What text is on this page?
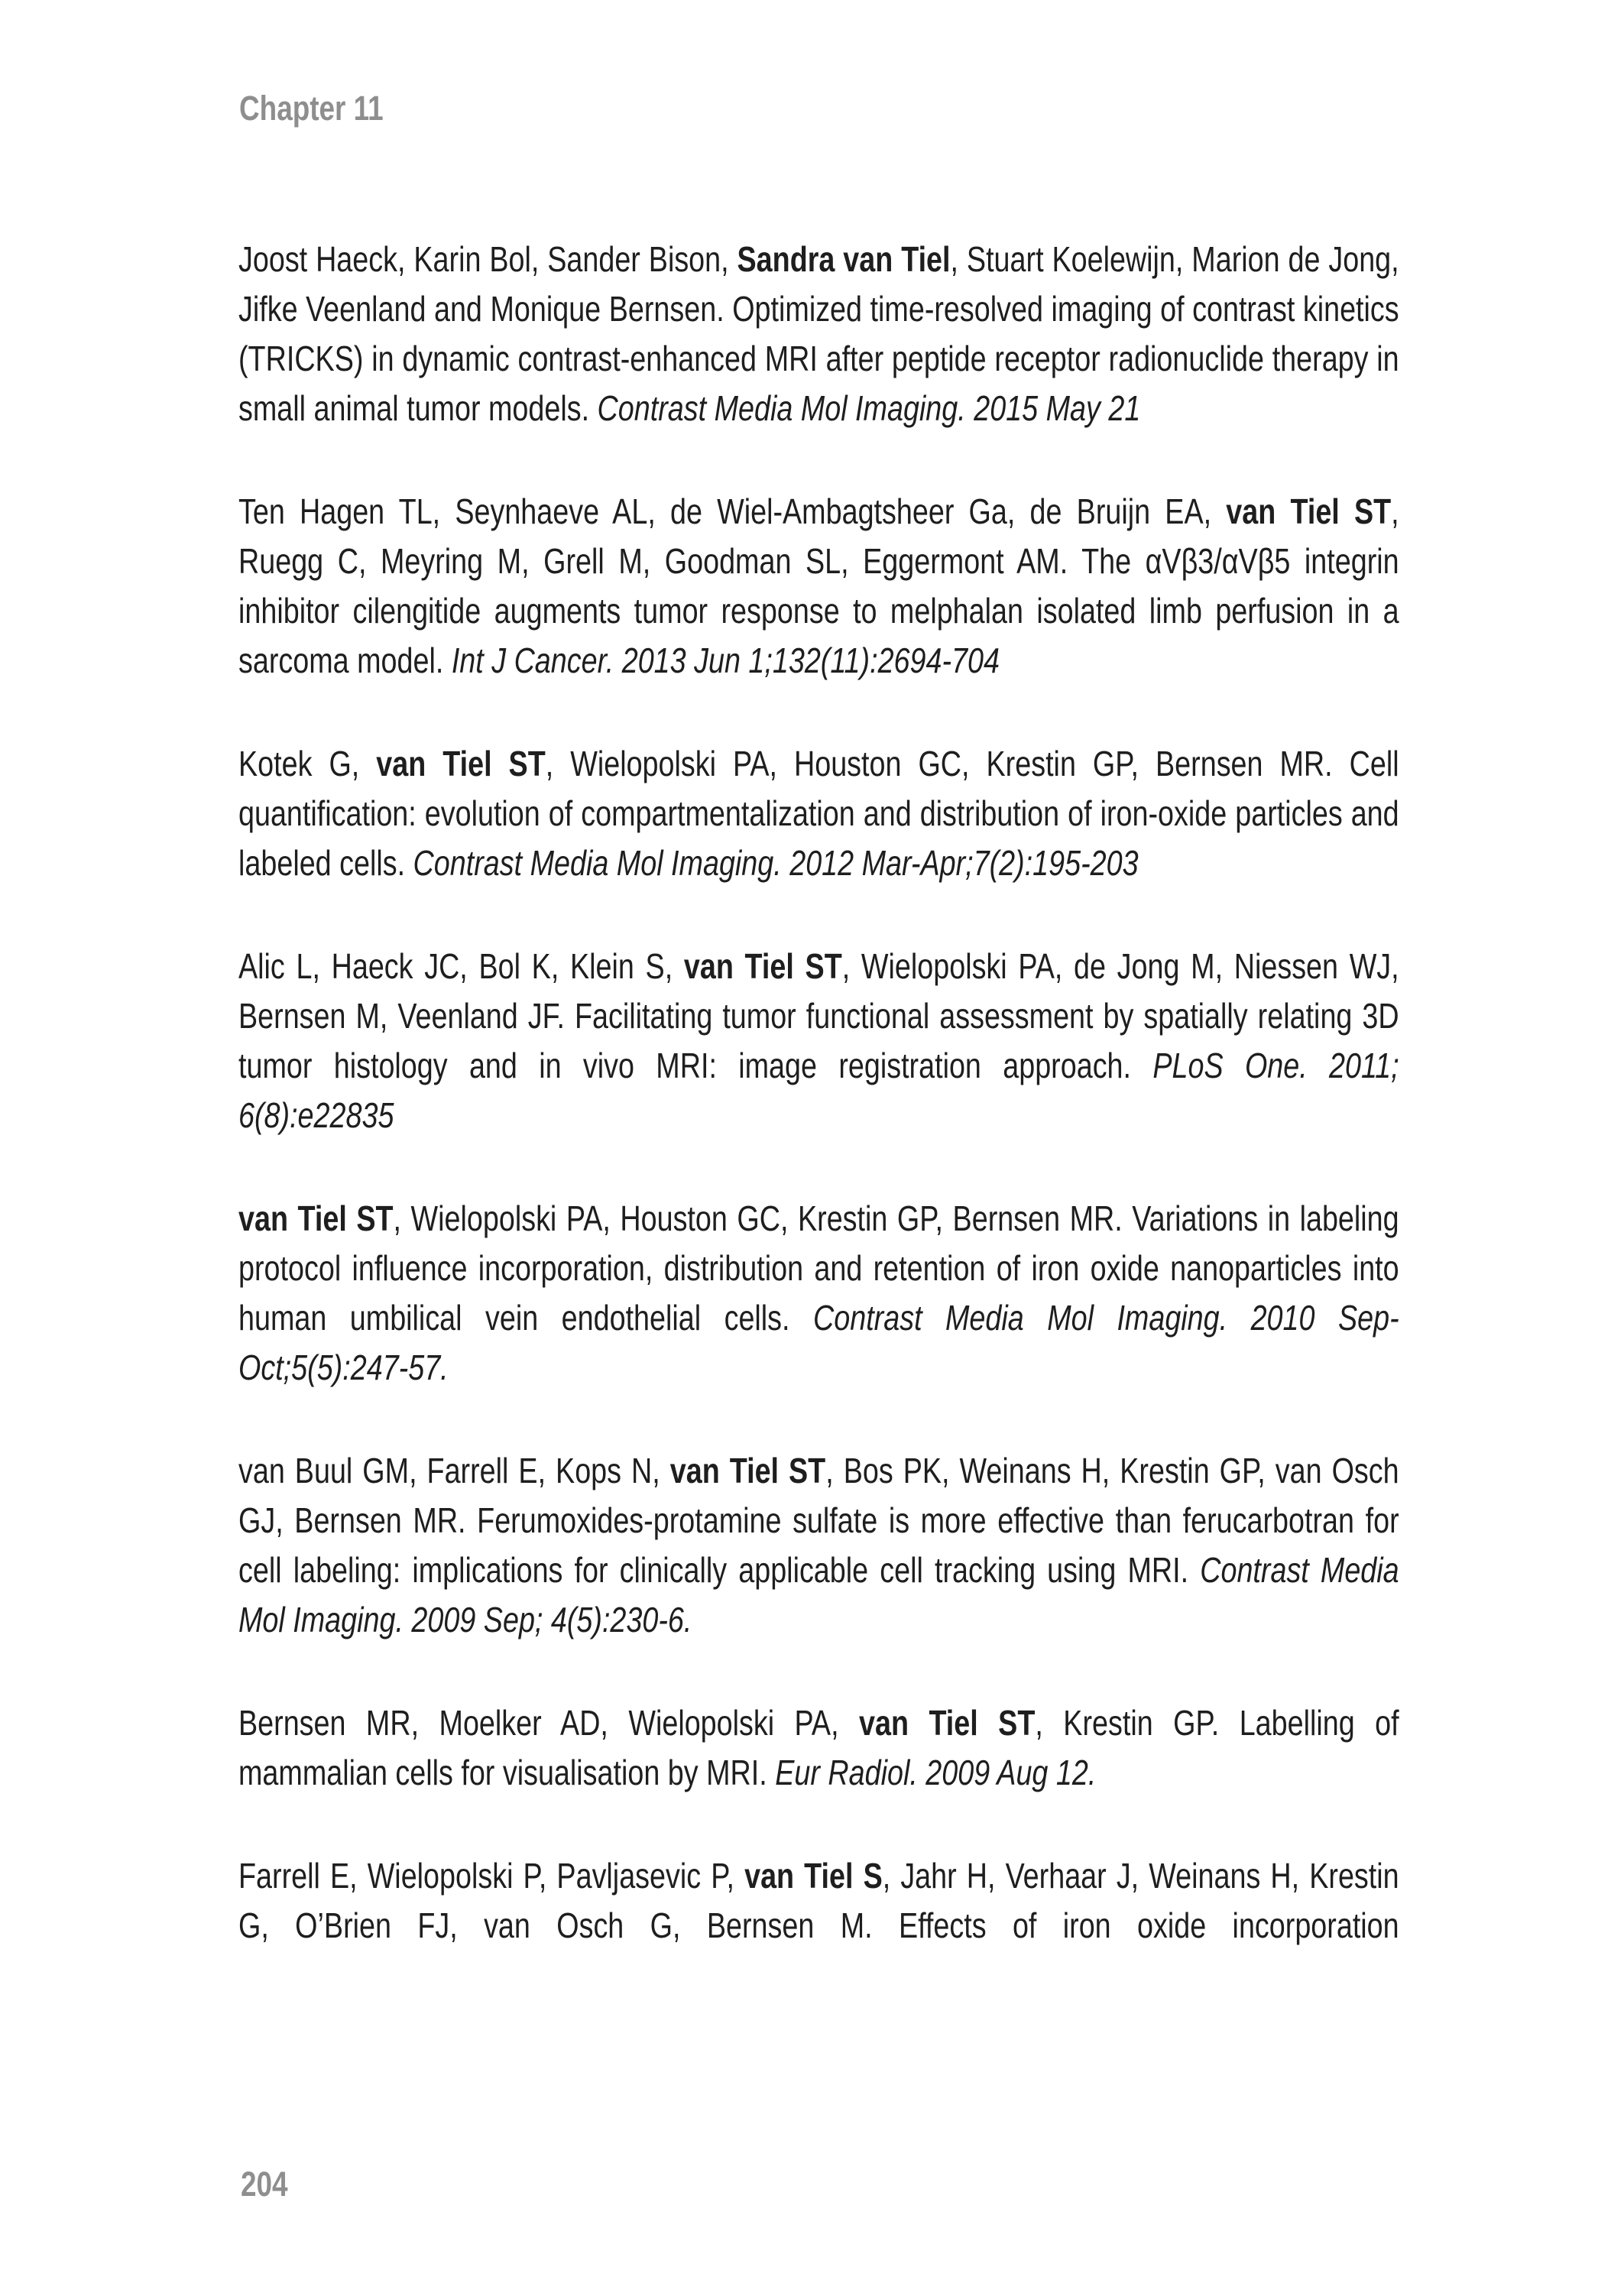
Chapter 11

Joost Haeck, Karin Bol, Sander Bison, Sandra van Tiel, Stuart Koelewijn, Marion de Jong, Jifke Veenland and Monique Bernsen. Optimized time-resolved imaging of contrast kinetics (TRICKS) in dynamic contrast-enhanced MRI after peptide receptor radionuclide therapy in small animal tumor models. Contrast Media Mol Imaging. 2015 May 21

Ten Hagen TL, Seynhaeve AL, de Wiel-Ambagtsheer Ga, de Bruijn EA, van Tiel ST, Ruegg C, Meyring M, Grell M, Goodman SL, Eggermont AM. The αVβ3/αVβ5 integrin inhibitor cilengitide augments tumor response to melphalan isolated limb perfusion in a sarcoma model. Int J Cancer. 2013 Jun 1;132(11):2694-704

Kotek G, van Tiel ST, Wielopolski PA, Houston GC, Krestin GP, Bernsen MR. Cell quantification: evolution of compartmentalization and distribution of iron-oxide particles and labeled cells. Contrast Media Mol Imaging. 2012 Mar-Apr;7(2):195-203

Alic L, Haeck JC, Bol K, Klein S, van Tiel ST, Wielopolski PA, de Jong M, Niessen WJ, Bernsen M, Veenland JF. Facilitating tumor functional assessment by spatially relating 3D tumor histology and in vivo MRI: image registration approach. PLoS One. 2011; 6(8):e22835

van Tiel ST, Wielopolski PA, Houston GC, Krestin GP, Bernsen MR. Variations in labeling protocol influence incorporation, distribution and retention of iron oxide nanoparticles into human umbilical vein endothelial cells. Contrast Media Mol Imaging. 2010 Sep-Oct;5(5):247-57.

van Buul GM, Farrell E, Kops N, van Tiel ST, Bos PK, Weinans H, Krestin GP, van Osch GJ, Bernsen MR. Ferumoxides-protamine sulfate is more effective than ferucarbotran for cell labeling: implications for clinically applicable cell tracking using MRI. Contrast Media Mol Imaging. 2009 Sep; 4(5):230-6.

Bernsen MR, Moelker AD, Wielopolski PA, van Tiel ST, Krestin GP. Labelling of mammalian cells for visualisation by MRI. Eur Radiol. 2009 Aug 12.

Farrell E, Wielopolski P, Pavljasevic P, van Tiel S, Jahr H, Verhaar J, Weinans H, Krestin G, O’Brien FJ, van Osch G, Bernsen M. Effects of iron oxide incorporation

204
